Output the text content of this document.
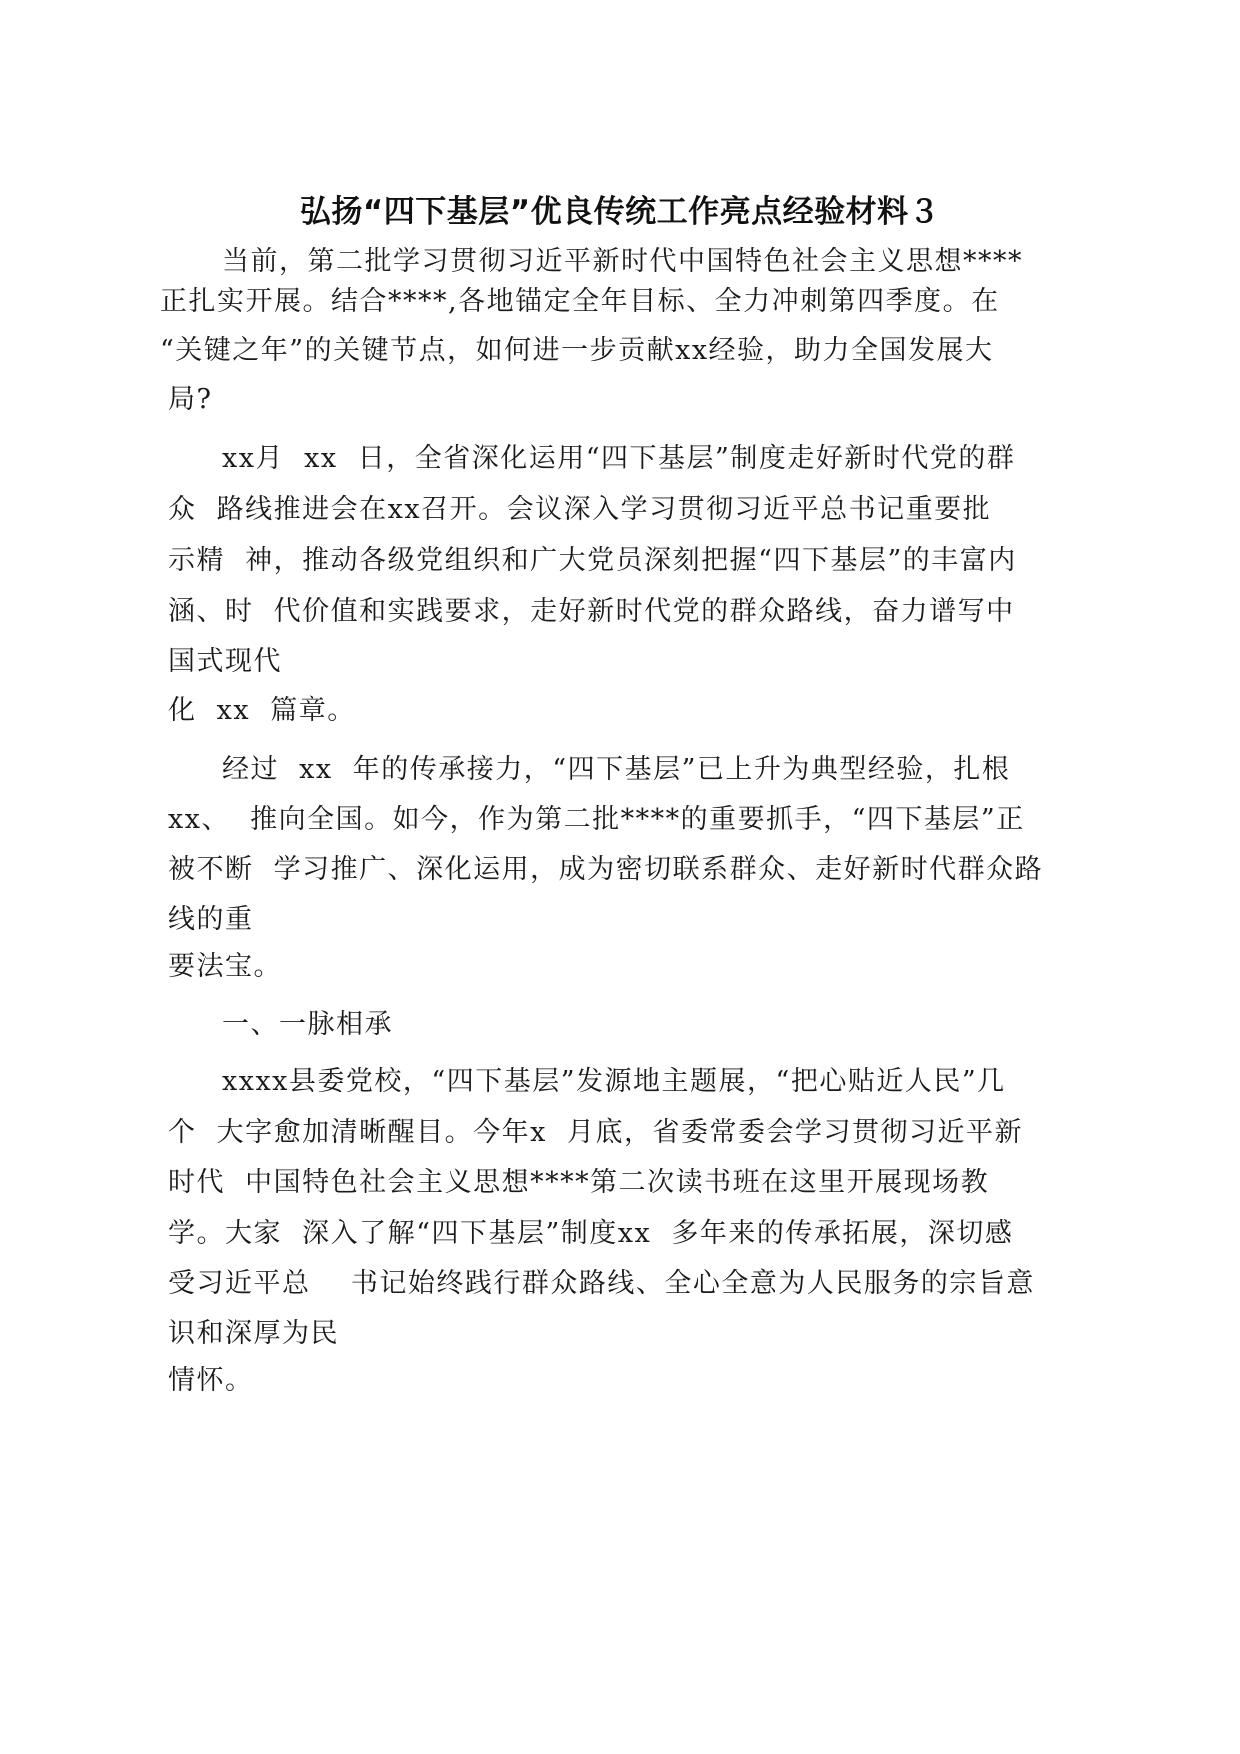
弘扬“四下基层”优良传统工作亮点经验材料３
当前，第二批学习贯彻习近平新时代中国特色社会主义思想****
正扎实开展。结合****,各地锚定全年目标、全力冲刺第四季度。在
“关键之年”的关键节点，如何进一步贡献xx经验，助力全国发展大
局?
xx月  xx  日，全省深化运用“四下基层”制度走好新时代党的群
众  路线推进会在xx召开。会议深入学习贯彻习近平总书记重要批
示精  神，推动各级党组织和广大党员深刻把握“四下基层”的丰富内
涵、时  代价值和实践要求，走好新时代党的群众路线，奋力谱写中
国式现代
化  xx  篇章。
经过  xx  年的传承接力，“四下基层”已上升为典型经验，扎根
xx、  推向全国。如今，作为第二批****的重要抓手，“四下基层”正
被不断  学习推广、深化运用，成为密切联系群众、走好新时代群众路
线的重
要法宝。
一、一脉相承
xxxx县委党校，“四下基层”发源地主题展，“把心贴近人民”几
个  大字愈加清晰醒目。今年x  月底，省委常委会学习贯彻习近平新
时代  中国特色社会主义思想****第二次读书班在这里开展现场教
学。大家  深入了解“四下基层”制度xx  多年来的传承拓展，深切感
受习近平总    书记始终践行群众路线、全心全意为人民服务的宗旨意
识和深厚为民
情怀。
